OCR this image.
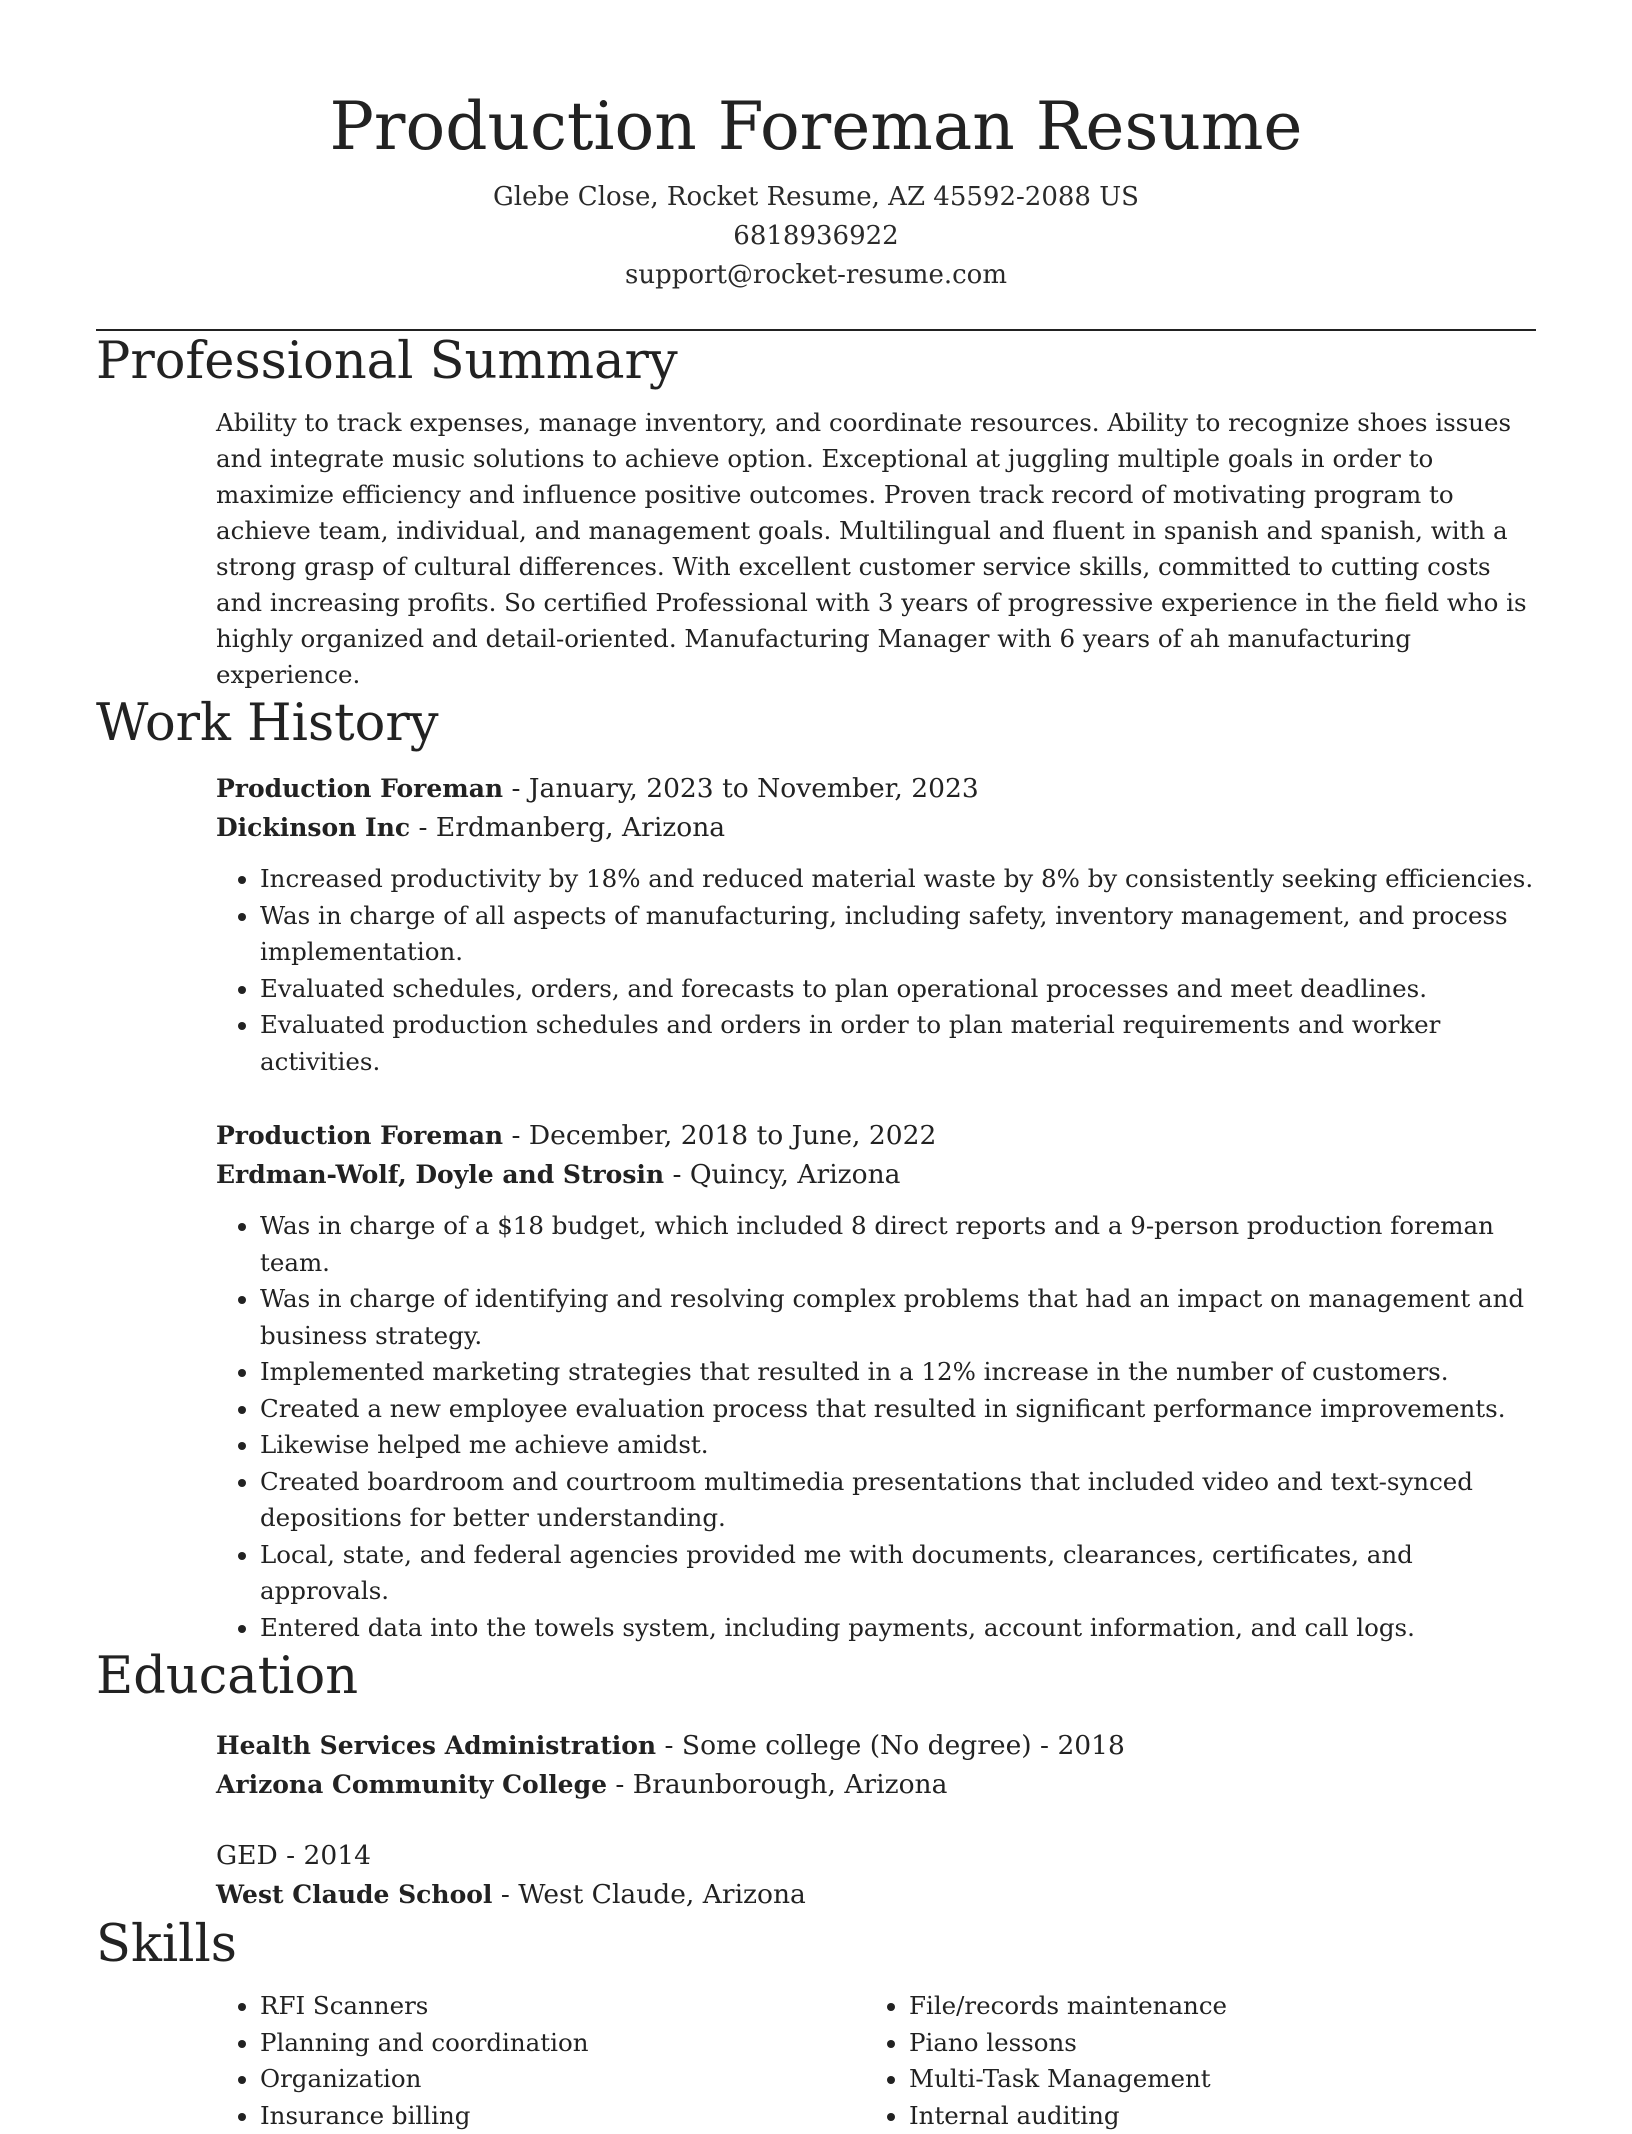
Production Foreman Resume
Glebe Close, Rocket Resume, AZ 45592-2088 US
6818936922
support@rocket-resume.com
Professional Summary
Ability to track expenses, manage inventory, and coordinate resources. Ability to recognize shoes issues and integrate music solutions to achieve option. Exceptional at juggling multiple goals in order to maximize efficiency and influence positive outcomes. Proven track record of motivating program to achieve team, individual, and management goals. Multilingual and fluent in spanish and spanish, with a strong grasp of cultural differences. With excellent customer service skills, committed to cutting costs and increasing profits. So certified Professional with 3 years of progressive experience in the field who is highly organized and detail-oriented. Manufacturing Manager with 6 years of ah manufacturing experience.
Work History
Production Foreman - January, 2023 to November, 2023
Dickinson Inc - Erdmanberg, Arizona
• Increased productivity by 18% and reduced material waste by 8% by consistently seeking efficiencies.
• Was in charge of all aspects of manufacturing, including safety, inventory management, and process implementation.
• Evaluated schedules, orders, and forecasts to plan operational processes and meet deadlines.
• Evaluated production schedules and orders in order to plan material requirements and worker activities.
Production Foreman - December, 2018 to June, 2022
Erdman-Wolf, Doyle and Strosin - Quincy, Arizona
• Was in charge of a $18 budget, which included 8 direct reports and a 9-person production foreman team.
• Was in charge of identifying and resolving complex problems that had an impact on management and business strategy.
• Implemented marketing strategies that resulted in a 12% increase in the number of customers.
• Created a new employee evaluation process that resulted in significant performance improvements.
• Likewise helped me achieve amidst.
• Created boardroom and courtroom multimedia presentations that included video and text-synced depositions for better understanding.
• Local, state, and federal agencies provided me with documents, clearances, certificates, and approvals.
• Entered data into the towels system, including payments, account information, and call logs.
Education
Health Services Administration - Some college (No degree) - 2018
Arizona Community College - Braunborough, Arizona
GED - 2014
West Claude School - West Claude, Arizona
Skills
• RFI Scanners
• Planning and coordination
• Organization
• Insurance billing
• File/records maintenance
• Piano lessons
• Multi-Task Management
• Internal auditing
